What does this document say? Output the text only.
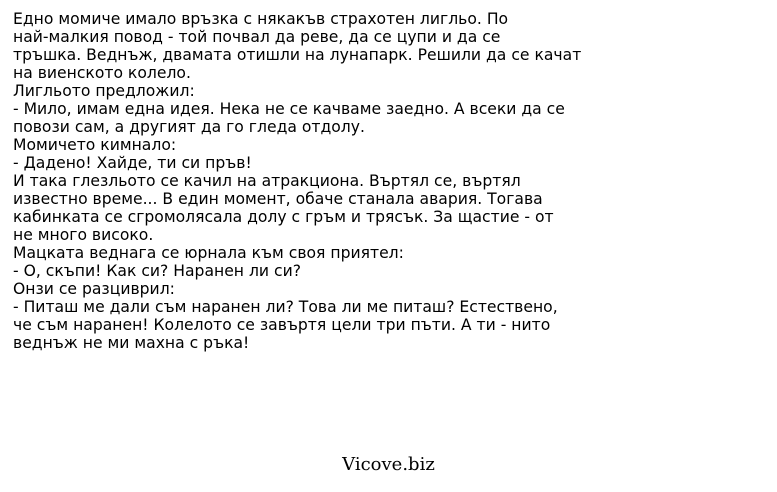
Едно момиче имало връзка с някакъв страхотен лигльо. По
най-малкия повод - той почвал да реве, да се цупи и да се
тръшка. Веднъж, двамата отишли на лунапарк. Решили да се качат
на виенското колело.
Лигльото предложил:
- Мило, имам една идея. Нека не се качваме заедно. А всеки да се
повози сам, а другият да го гледа отдолу.
Момичето кимнало:
- Дадено! Хайде, ти си пръв!
И така глезльото се качил на атракциона. Въртял се, въртял
известно време... В един момент, обаче станала авария. Тогава
кабинката се сгромолясала долу с гръм и трясък. За щастие - от
не много високо.
Мацката веднага се юрнала към своя приятел:
- О, скъпи! Как си? Наранен ли си?
Онзи се разциврил:
- Питаш ме дали съм наранен ли? Това ли ме питаш? Естествено,
че съм наранен! Колелото се завъртя цели три пъти. А ти - нито
веднъж не ми махна с ръка!
Vicove.biz
